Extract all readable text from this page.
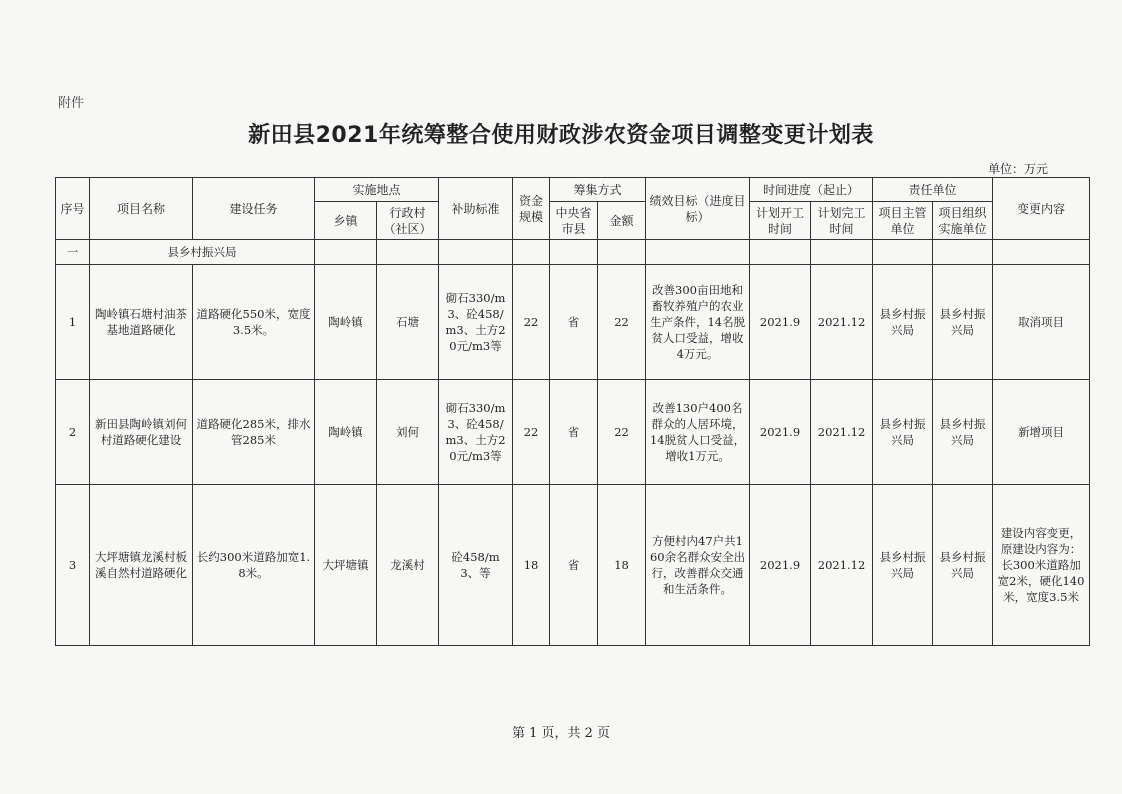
附件
新田县2021年统筹整合使用财政涉农资金项目调整变更计划表
单位：万元
序号	项目名称	建设任务	实施地点		补助标准	资金规模	筹集方式		绩效目标（进度目标）	时间进度（起止）		责任单位		变更内容
			乡镇	行政村（社区）			中央省市县	金额		计划开工时间	计划完工时间	项目主管单位	项目组织实施单位	
一	县乡村振兴局													
1	陶岭镇石塘村油茶基地道路硬化	道路硬化550米，宽度3.5米。	陶岭镇	石塘	砌石330/m3、砼458/m3、土方20元/m3等	22	省	22	改善300亩田地和畜牧养殖户的农业生产条件，14名脱贫人口受益，增收4万元。	2021.9	2021.12	县乡村振兴局	县乡村振兴局	取消项目
2	新田县陶岭镇刘何村道路硬化建设	道路硬化285米，排水管285米	陶岭镇	刘何	砌石330/m3、砼458/m3、土方20元/m3等	22	省	22	改善130户400名群众的人居环境，14脱贫人口受益，增收1万元。	2021.9	2021.12	县乡村振兴局	县乡村振兴局	新增项目
3	大坪塘镇龙溪村板溪自然村道路硬化	长约300米道路加宽1.8米。	大坪塘镇	龙溪村	砼458/m3、等	18	省	18	方便村内47户共160余名群众安全出行，改善群众交通和生活条件。	2021.9	2021.12	县乡村振兴局	县乡村振兴局	建设内容变更，原建设内容为：长300米道路加宽2米，硬化140米，宽度3.5米
第 1 页，共 2 页
